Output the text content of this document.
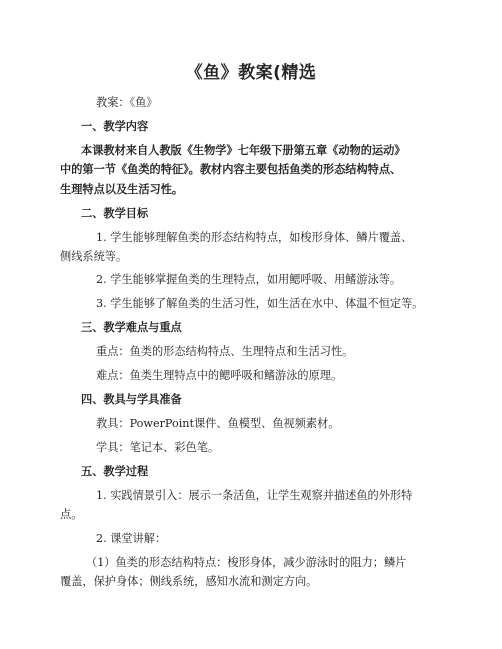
《鱼》教案(精选
教案：《鱼》
一、教学内容
本课教材来自人教版《生物学》七年级下册第五章《动物的运动》
中的第一节《鱼类的特征》。教材内容主要包括鱼类的形态结构特点、
生理特点以及生活习性。
二、教学目标
1. 学生能够理解鱼类的形态结构特点，如梭形身体、鳞片覆盖、
侧线系统等。
2. 学生能够掌握鱼类的生理特点，如用鳃呼吸、用鳍游泳等。
3. 学生能够了解鱼类的生活习性，如生活在水中、体温不恒定等。
三、教学难点与重点
重点：鱼类的形态结构特点、生理特点和生活习性。
难点：鱼类生理特点中的鳃呼吸和鳍游泳的原理。
四、教具与学具准备
教具：PowerPoint课件、鱼模型、鱼视频素材。
学具：笔记本、彩色笔。
五、教学过程
1. 实践情景引入：展示一条活鱼，让学生观察并描述鱼的外形特
点。
2. 课堂讲解：
（1）鱼类的形态结构特点：梭形身体，减少游泳时的阻力；鳞片
覆盖，保护身体；侧线系统，感知水流和测定方向。
